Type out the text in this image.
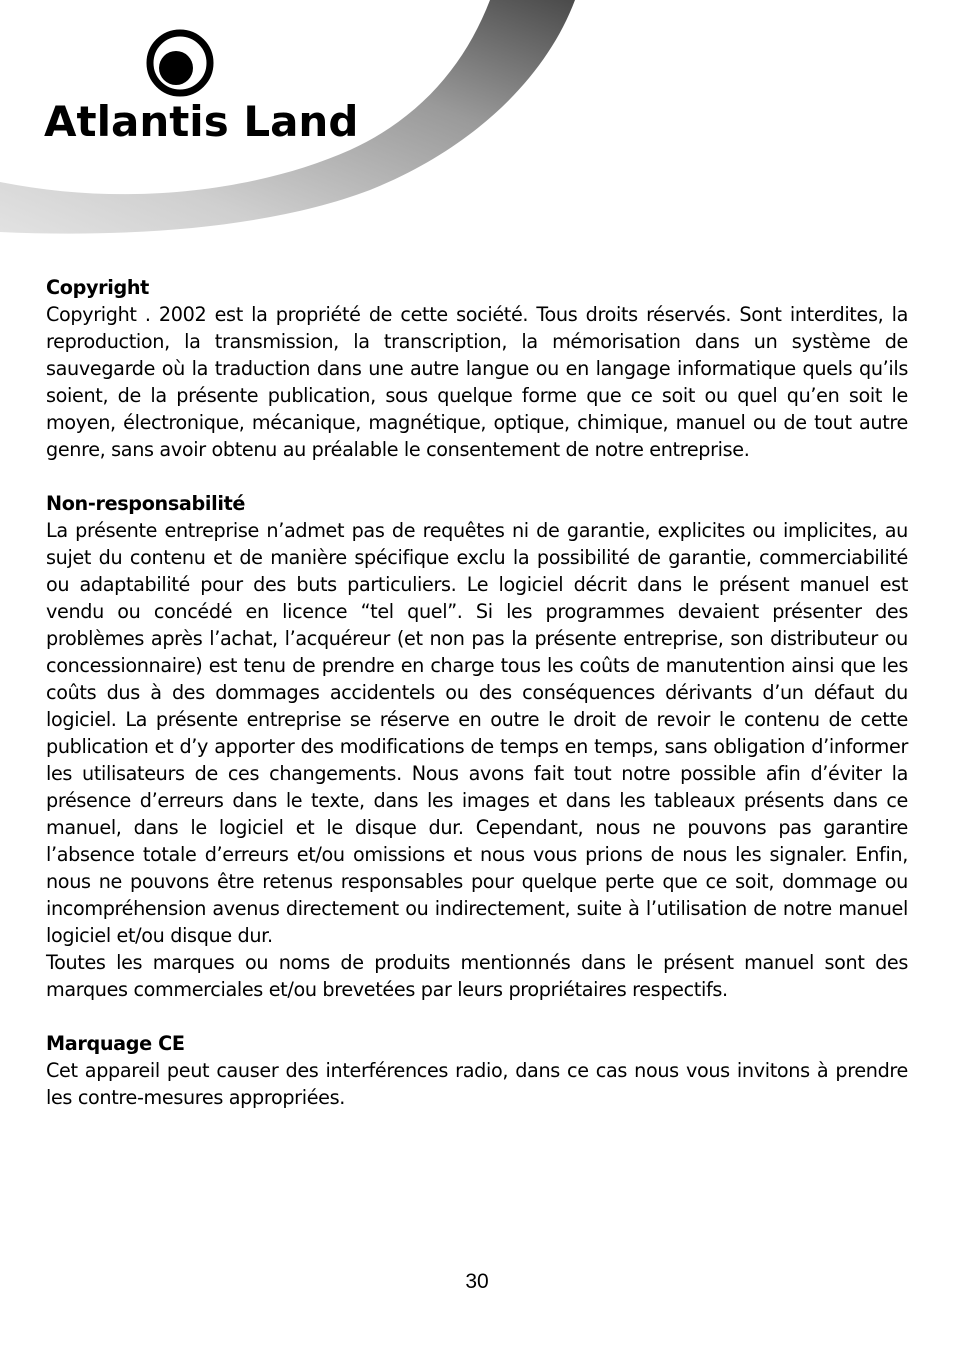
Atlantis Land
Copyright

Copyright . 2002 est la propriété de cette société. Tous droits réservés. Sont interdites, la reproduction, la transmission, la transcription, la mémorisation dans un système de sauvegarde où la traduction dans une autre langue ou en langage informatique quels qu’ils soient, de la présente publication, sous quelque forme que ce soit ou quel qu’en soit le moyen, électronique, mécanique, magnétique, optique, chimique, manuel ou de tout autre genre, sans avoir obtenu au préalable le consentement de notre entreprise.

Non-responsabilité

La présente entreprise n’admet pas de requêtes ni de garantie, explicites ou implicites, au sujet du contenu et de manière spécifique exclu la possibilité de garantie, commerciabilité ou adaptabilité pour des buts particuliers. Le logiciel décrit dans le présent manuel est vendu ou concédé en licence “tel quel”. Si les programmes devaient présenter des problèmes après l’achat, l’acquéreur (et non pas la présente entreprise, son distributeur ou concessionnaire) est tenu de prendre en charge tous les coûts de manutention ainsi que les coûts dus à des dommages accidentels ou des conséquences dérivants d’un défaut du logiciel. La présente entreprise se réserve en outre le droit de revoir le contenu de cette publication et d’y apporter des modifications de temps en temps, sans obligation d’informer les utilisateurs de ces changements. Nous avons fait tout notre possible afin d’éviter la présence d’erreurs dans le texte, dans les images et dans les tableaux présents dans ce manuel, dans le logiciel et le disque dur. Cependant, nous ne pouvons pas garantire l’absence totale d’erreurs et/ou omissions et nous vous prions de nous les signaler. Enfin, nous ne pouvons être retenus responsables pour quelque perte que ce soit, dommage ou incompréhension avenus directement ou indirectement, suite à l’utilisation de notre manuel logiciel et/ou disque dur.

Toutes les marques ou noms de produits mentionnés dans le présent manuel sont des marques commerciales et/ou brevetées par leurs propriétaires respectifs.

Marquage CE

Cet appareil peut causer des interférences radio, dans ce cas nous vous invitons à prendre les contre-mesures appropriées.

30
